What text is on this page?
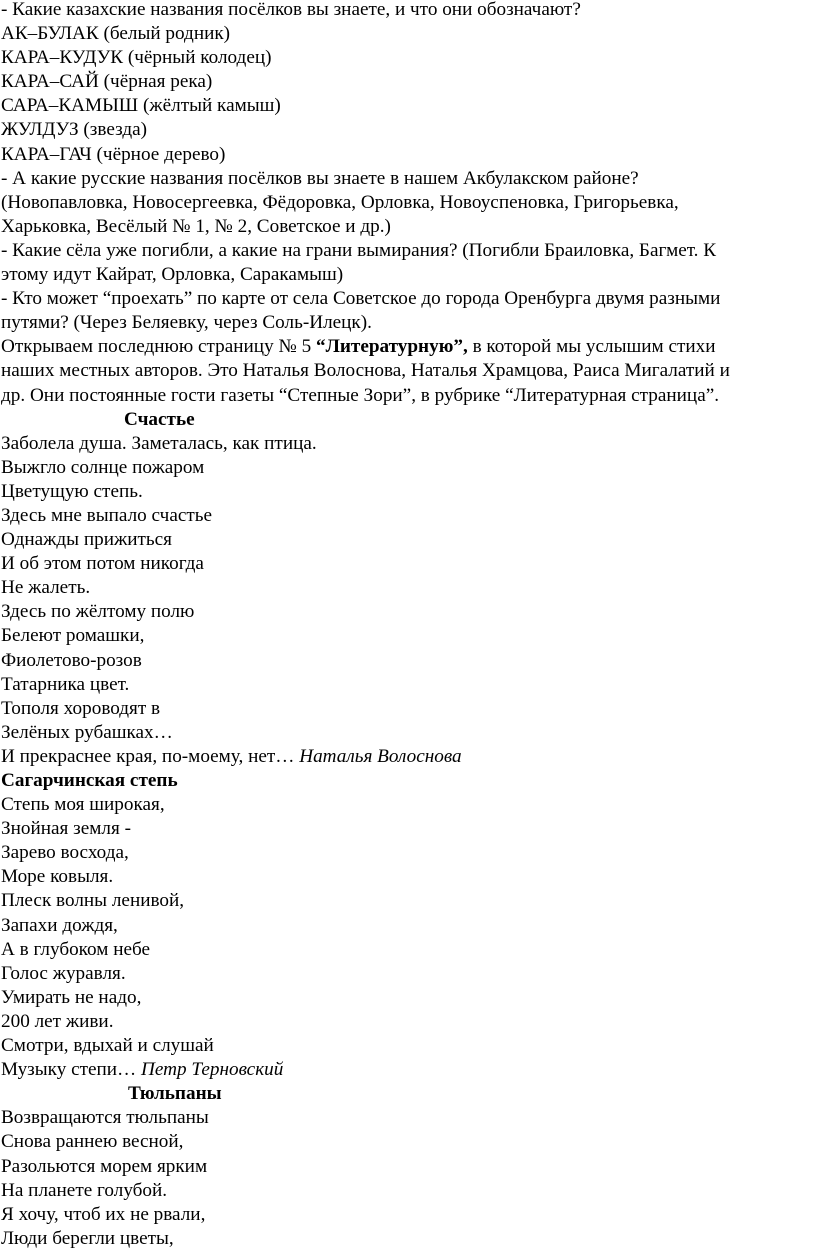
- Какие казахские названия посёлков вы знаете, и что они обозначают?

АК–БУЛАК (белый родник)

КАРА–КУДУК (чёрный колодец)

КАРА–САЙ (чёрная река)

САРА–КАМЫШ (жёлтый камыш)

ЖУЛДУЗ (звезда)

КАРА–ГАЧ (чёрное дерево)

- А какие русские названия посёлков вы знаете в нашем Акбулакском районе?

(Новопавловка, Новосергеевка, Фёдоровка, Орловка, Новоуспеновка, Григорьевка,

Харьковка, Весёлый № 1, № 2, Советское и др.)

- Какие сёла уже погибли, а какие на грани вымирания? (Погибли Браиловка, Багмет. К

этому идут Кайрат, Орловка, Саракамыш)

- Кто может “проехать” по карте от села Советское до города Оренбурга двумя разными

путями? (Через Беляевку, через Соль-Илецк).

Открываем последнюю страницу № 5 “Литературную”, в которой мы услышим стихи

наших местных авторов. Это Наталья Волоснова, Наталья Храмцова, Раиса Мигалатий и

др. Они постоянные гости газеты “Степные Зори”, в рубрике “Литературная страница”.

Счастье

Заболела душа. Заметалась, как птица.

Выжгло солнце пожаром

Цветущую степь.

Здесь мне выпало счастье

Однажды прижиться

И об этом потом никогда

Не жалеть.

Здесь по жёлтому полю

Белеют ромашки,

Фиолетово-розов

Татарника цвет.

Тополя хороводят в

Зелёных рубашках…

И прекраснее края, по-моему, нет… Наталья Волоснова

Сагарчинская степь

Степь моя широкая,

Знойная земля -

Зарево восхода,

Море ковыля.

Плеск волны ленивой,

Запахи дождя,

А в глубоком небе

Голос журавля.

Умирать не надо,

200 лет живи.

Смотри, вдыхай и слушай

Музыку степи… Петр Терновский

Тюльпаны

Возвращаются тюльпаны

Снова раннею весной,

Разольются морем ярким

На планете голубой.

Я хочу, чтоб их не рвали,

Люди берегли цветы,
